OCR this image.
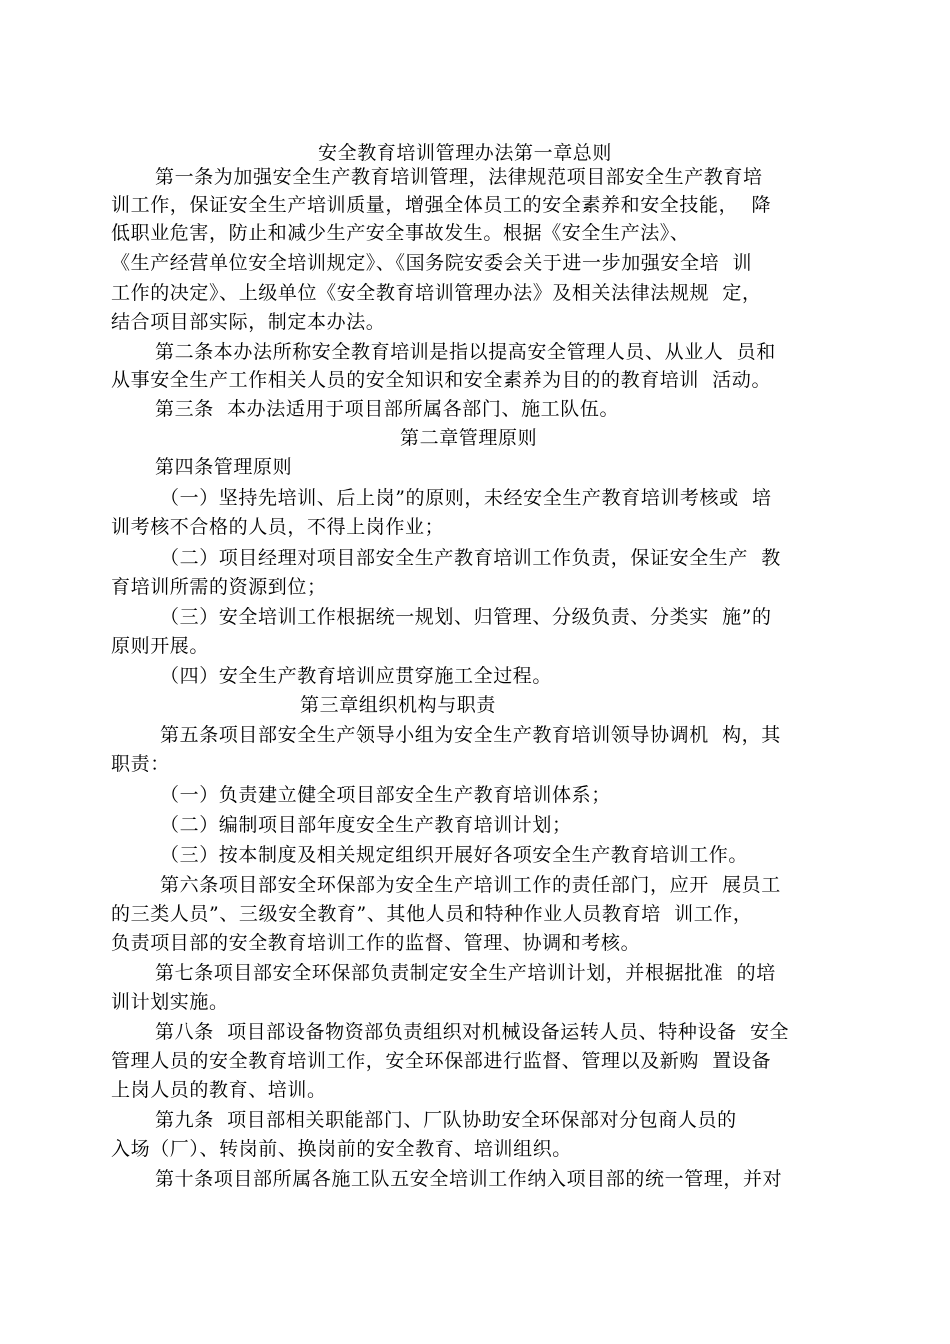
安全教育培训管理办法第一章总则
第一条为加强安全生产教育培训管理，法律规范项目部安全生产教育培
训工作，保证安全生产培训质量，增强全体员工的安全素养和安全技能，  降
低职业危害，防止和减少生产安全事故发生。根据《安全生产法》、
《生产经营单位安全培训规定》、《国务院安委会关于进一步加强安全培  训
工作的决定》、上级单位《安全教育培训管理办法》及相关法律法规规  定，
结合项目部实际，制定本办法。
第二条本办法所称安全教育培训是指以提高安全管理人员、从业人  员和
从事安全生产工作相关人员的安全知识和安全素养为目的的教育培训  活动。
第三条  本办法适用于项目部所属各部门、施工队伍。
第二章管理原则
第四条管理原则
（一）坚持先培训、后上岗”的原则，未经安全生产教育培训考核或  培
训考核不合格的人员，不得上岗作业；
（二）项目经理对项目部安全生产教育培训工作负责，保证安全生产  教
育培训所需的资源到位；
（三）安全培训工作根据统一规划、归管理、分级负责、分类实  施”的
原则开展。
（四）安全生产教育培训应贯穿施工全过程。
第三章组织机构与职责
第五条项目部安全生产领导小组为安全生产教育培训领导协调机  构，其
职责：
（一）负责建立健全项目部安全生产教育培训体系；
（二）编制项目部年度安全生产教育培训计划；
（三）按本制度及相关规定组织开展好各项安全生产教育培训工作。
第六条项目部安全环保部为安全生产培训工作的责任部门，应开  展员工
的三类人员”、三级安全教育”、其他人员和特种作业人员教育培  训工作，
负责项目部的安全教育培训工作的监督、管理、协调和考核。
第七条项目部安全环保部负责制定安全生产培训计划，并根据批准  的培
训计划实施。
第八条  项目部设备物资部负责组织对机械设备运转人员、特种设备  安全
管理人员的安全教育培训工作，安全环保部进行监督、管理以及新购  置设备
上岗人员的教育、培训。
第九条  项目部相关职能部门、厂队协助安全环保部对分包商人员的
入场（厂）、转岗前、换岗前的安全教育、培训组织。
第十条项目部所属各施工队五安全培训工作纳入项目部的统一管理，并对
